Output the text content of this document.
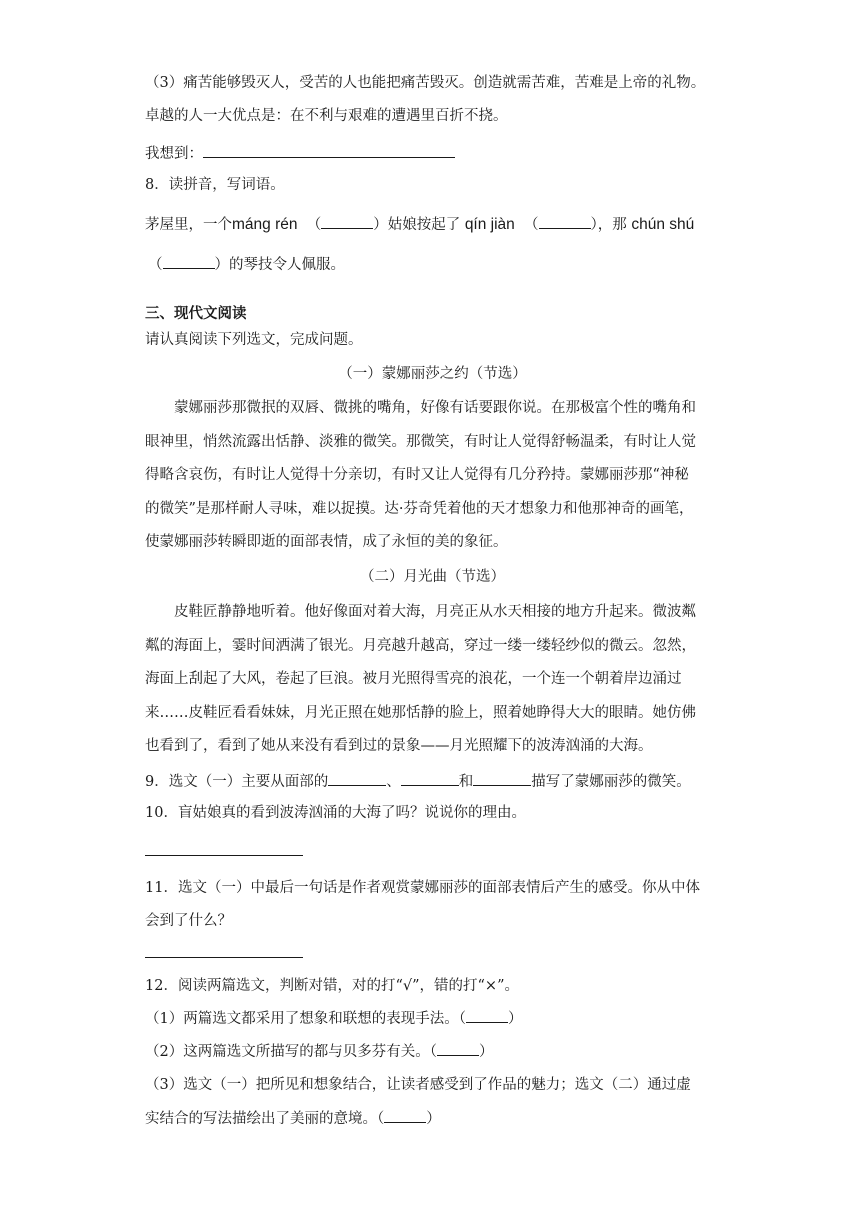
（3）痛苦能够毁灭人，受苦的人也能把痛苦毁灭。创造就需苦难，苦难是上帝的礼物。
卓越的人一大优点是：在不利与艰难的遭遇里百折不挠。
我想到：
8．读拼音，写词语。
茅屋里，一个máng rén （	）姑娘按起了 qín jiàn （	），那 chún shú
（	）的琴技令人佩服。
三、现代文阅读
请认真阅读下列选文，完成问题。
（一）蒙娜丽莎之约（节选）
蒙娜丽莎那微抿的双唇、微挑的嘴角，好像有话要跟你说。在那极富个性的嘴角和
眼神里，悄然流露出恬静、淡雅的微笑。那微笑，有时让人觉得舒畅温柔，有时让人觉
得略含哀伤，有时让人觉得十分亲切，有时又让人觉得有几分矜持。蒙娜丽莎那“神秘
的微笑”是那样耐人寻味，难以捉摸。达·芬奇凭着他的天才想象力和他那神奇的画笔，
使蒙娜丽莎转瞬即逝的面部表情，成了永恒的美的象征。
（二）月光曲（节选）
皮鞋匠静静地听着。他好像面对着大海，月亮正从水天相接的地方升起来。微波粼
粼的海面上，霎时间洒满了银光。月亮越升越高，穿过一缕一缕轻纱似的微云。忽然，
海面上刮起了大风，卷起了巨浪。被月光照得雪亮的浪花，一个连一个朝着岸边涌过
来……皮鞋匠看看妹妹，月光正照在她那恬静的脸上，照着她睁得大大的眼睛。她仿佛
也看到了，看到了她从来没有看到过的景象——月光照耀下的波涛汹涌的大海。
9．选文（一）主要从面部的	、	和	描写了蒙娜丽莎的微笑。
10．盲姑娘真的看到波涛汹涌的大海了吗？说说你的理由。
11．选文（一）中最后一句话是作者观赏蒙娜丽莎的面部表情后产生的感受。你从中体
会到了什么？
12．阅读两篇选文，判断对错，对的打“√”，错的打“×”。
（1）两篇选文都采用了想象和联想的表现手法。（	）
（2）这两篇选文所描写的都与贝多芬有关。（	）
（3）选文（一）把所见和想象结合，让读者感受到了作品的魅力；选文（二）通过虚
实结合的写法描绘出了美丽的意境。（	）
